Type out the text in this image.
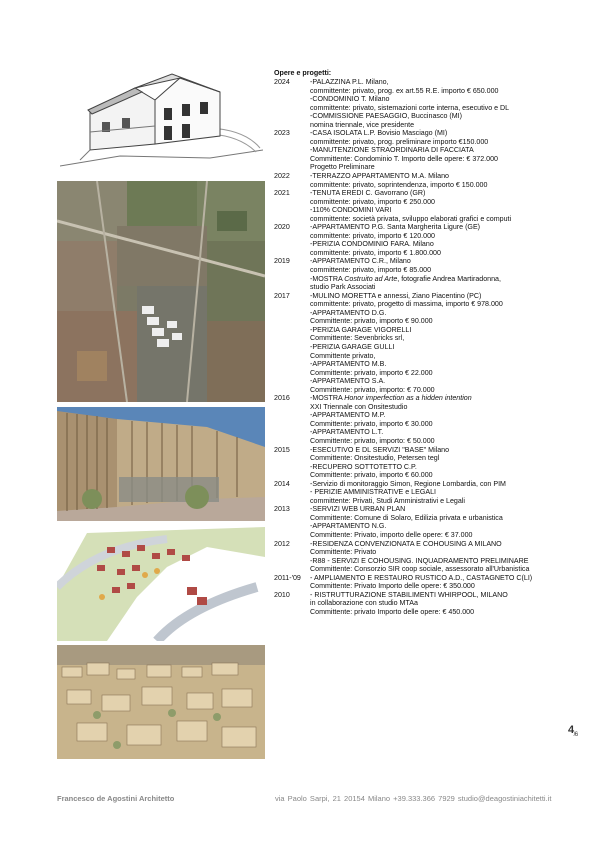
Opere e progetti:
2024	-PALAZZINA P.L. Milano,
committente: privato, prog. ex art.55 R.E. importo € 650.000
-CONDOMINIO T. Milano
committente: privato, sistemazioni corte interna, esecutivo e DL
-COMMISSIONE PAESAGGIO, Buccinasco (MI)
nomina triennale, vice presidente
2023	-CASA ISOLATA L.P. Bovisio Masciago (MI)
committente: privato, prog. preliminare importo €150.000
-MANUTENZIONE STRAORDINARIA DI FACCIATA
Committente: Condominio T. Importo delle opere: € 372.000
Progetto Preliminare
2022	-TERRAZZO APPARTAMENTO M.A. Milano
committente: privato, soprintendenza, importo € 150.000
2021	-TENUTA EREDI C. Gavorrano (GR)
committente: privato, importo € 250.000
-110% CONDOMINI VARI
committente: società privata, sviluppo elaborati grafici e computi
2020	-APPARTAMENTO P.G. Santa Margherita Ligure (GE)
committente: privato, importo € 120.000
-PERIZIA CONDOMINIO FARA. Milano
committente: privato, importo € 1.800.000
2019	-APPARTAMENTO C.R., Milano
committente: privato, importo € 85.000
-MOSTRA Costruito ad Arte, fotografie Andrea Martiradonna,
studio Park Associati
2017	-MULINO MORETTA e annessi, Ziano Piacentino (PC)
committente: privato, progetto di massima, importo € 978.000
-APPARTAMENTO D.G.
Committente: privato, importo € 90.000
-PERIZIA GARAGE VIGORELLI
Committente: Sevenbricks srl,
-PERIZIA GARAGE GULLI
Committente privato,
-APPARTAMENTO M.B.
Committente: privato, importo € 22.000
-APPARTAMENTO S.A.
Committente: privato, importo: € 70.000
2016	-MOSTRA Honor imperfection as a hidden intention
XXI Triennale con Onsitestudio
-APPARTAMENTO M.P.
Committente: privato, importo € 30.000
-APPARTAMENTO L.T.
Committente: privato, importo: € 50.000
2015	-ESECUTIVO E DL SERVIZI "BASE" Milano
Committente: Onsitestudio, Petersen tegl
-RECUPERO SOTTOTETTO C.P.
Committente: privato, importo € 60.000
2014	-Servizio di monitoraggio Simon, Regione Lombardia, con PIM
- PERIZIE AMMINISTRATIVE e LEGALI
committente: Privati, Studi Amministrativi e Legali
2013	-SERVIZI WEB URBAN PLAN
Committente: Comune di Solaro, Edilizia privata e urbanistica
-APPARTAMENTO N.G.
Committente: Privato, importo delle opere: € 37.000
2012	-RESIDENZA CONVENZIONATA E COHOUSING A MILANO
Committente: Privato
-R88 - SERVIZI E COHOUSING. INQUADRAMENTO PRELIMINARE
Committente: Consorzio SIR coop sociale, assessorato all'Urbanistica
2011-'09	- AMPLIAMENTO E RESTAURO RUSTICO A.D., CASTAGNETO C(LI)
Committente: Privato Importo delle opere: € 350.000
2010	- RISTRUTTURAZIONE STABILIMENTI WHIRPOOL, MILANO
in collaborazione con studio MTAa
Committente: privato Importo delle opere: € 450.000
$4_{/6}$
Francesco de Agostini Architetto	via Paolo Sarpi, 21 20154 Milano +39.333.366 7929 studio@deagostiniachitetti.it
